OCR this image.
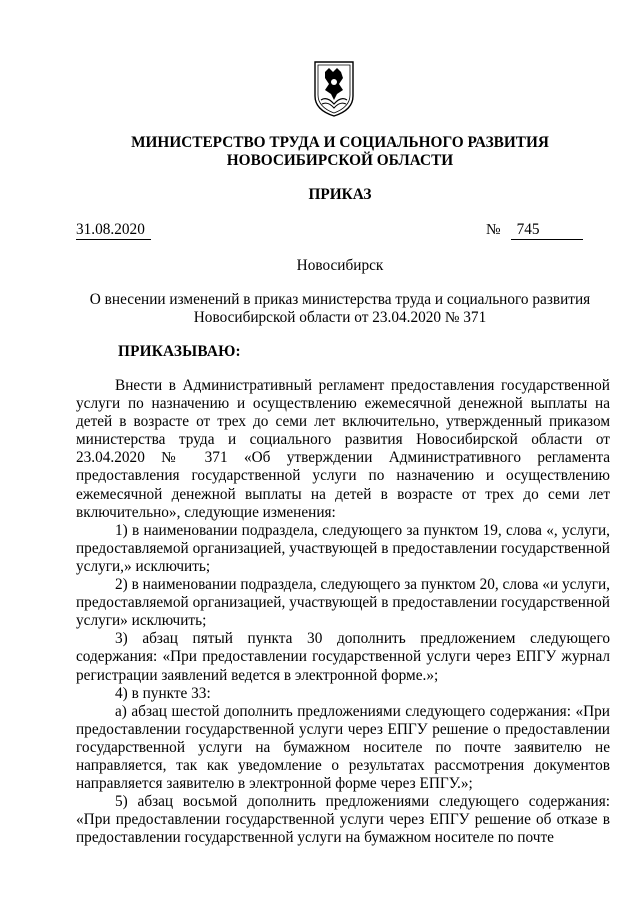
МИНИСТЕРСТВО ТРУДА И СОЦИАЛЬНОГО РАЗВИТИЯ
НОВОСИБИРСКОЙ ОБЛАСТИ
ПРИКАЗ
31.08.2020	№ 745
Новосибирск
О внесении изменений в приказ министерства труда и социального развития
Новосибирской области от 23.04.2020 № 371
ПРИКАЗЫВАЮ:

Внести в Административный регламент предоставления государственной услуги по назначению и осуществлению ежемесячной денежной выплаты на детей в возрасте от трех до семи лет включительно, утвержденный приказом министерства труда и социального развития Новосибирской области от 23.04.2020 № 371 «Об утверждении Административного регламента предоставления государственной услуги по назначению и осуществлению ежемесячной денежной выплаты на детей в возрасте от трех до семи лет включительно», следующие изменения:

1) в наименовании подраздела, следующего за пунктом 19, слова «, услуги, предоставляемой организацией, участвующей в предоставлении государственной услуги,» исключить;

2) в наименовании подраздела, следующего за пунктом 20, слова «и услуги, предоставляемой организацией, участвующей в предоставлении государственной услуги» исключить;

3) абзац пятый пункта 30 дополнить предложением следующего содержания: «При предоставлении государственной услуги через ЕПГУ журнал регистрации заявлений ведется в электронной форме.»;

4) в пункте 33:

а) абзац шестой дополнить предложениями следующего содержания: «При предоставлении государственной услуги через ЕПГУ решение о предоставлении государственной услуги на бумажном носителе по почте заявителю не направляется, так как уведомление о результатах рассмотрения документов направляется заявителю в электронной форме через ЕПГУ.»;

5) абзац восьмой дополнить предложениями следующего содержания: «При предоставлении государственной услуги через ЕПГУ решение об отказе в предоставлении государственной услуги на бумажном носителе по почте
